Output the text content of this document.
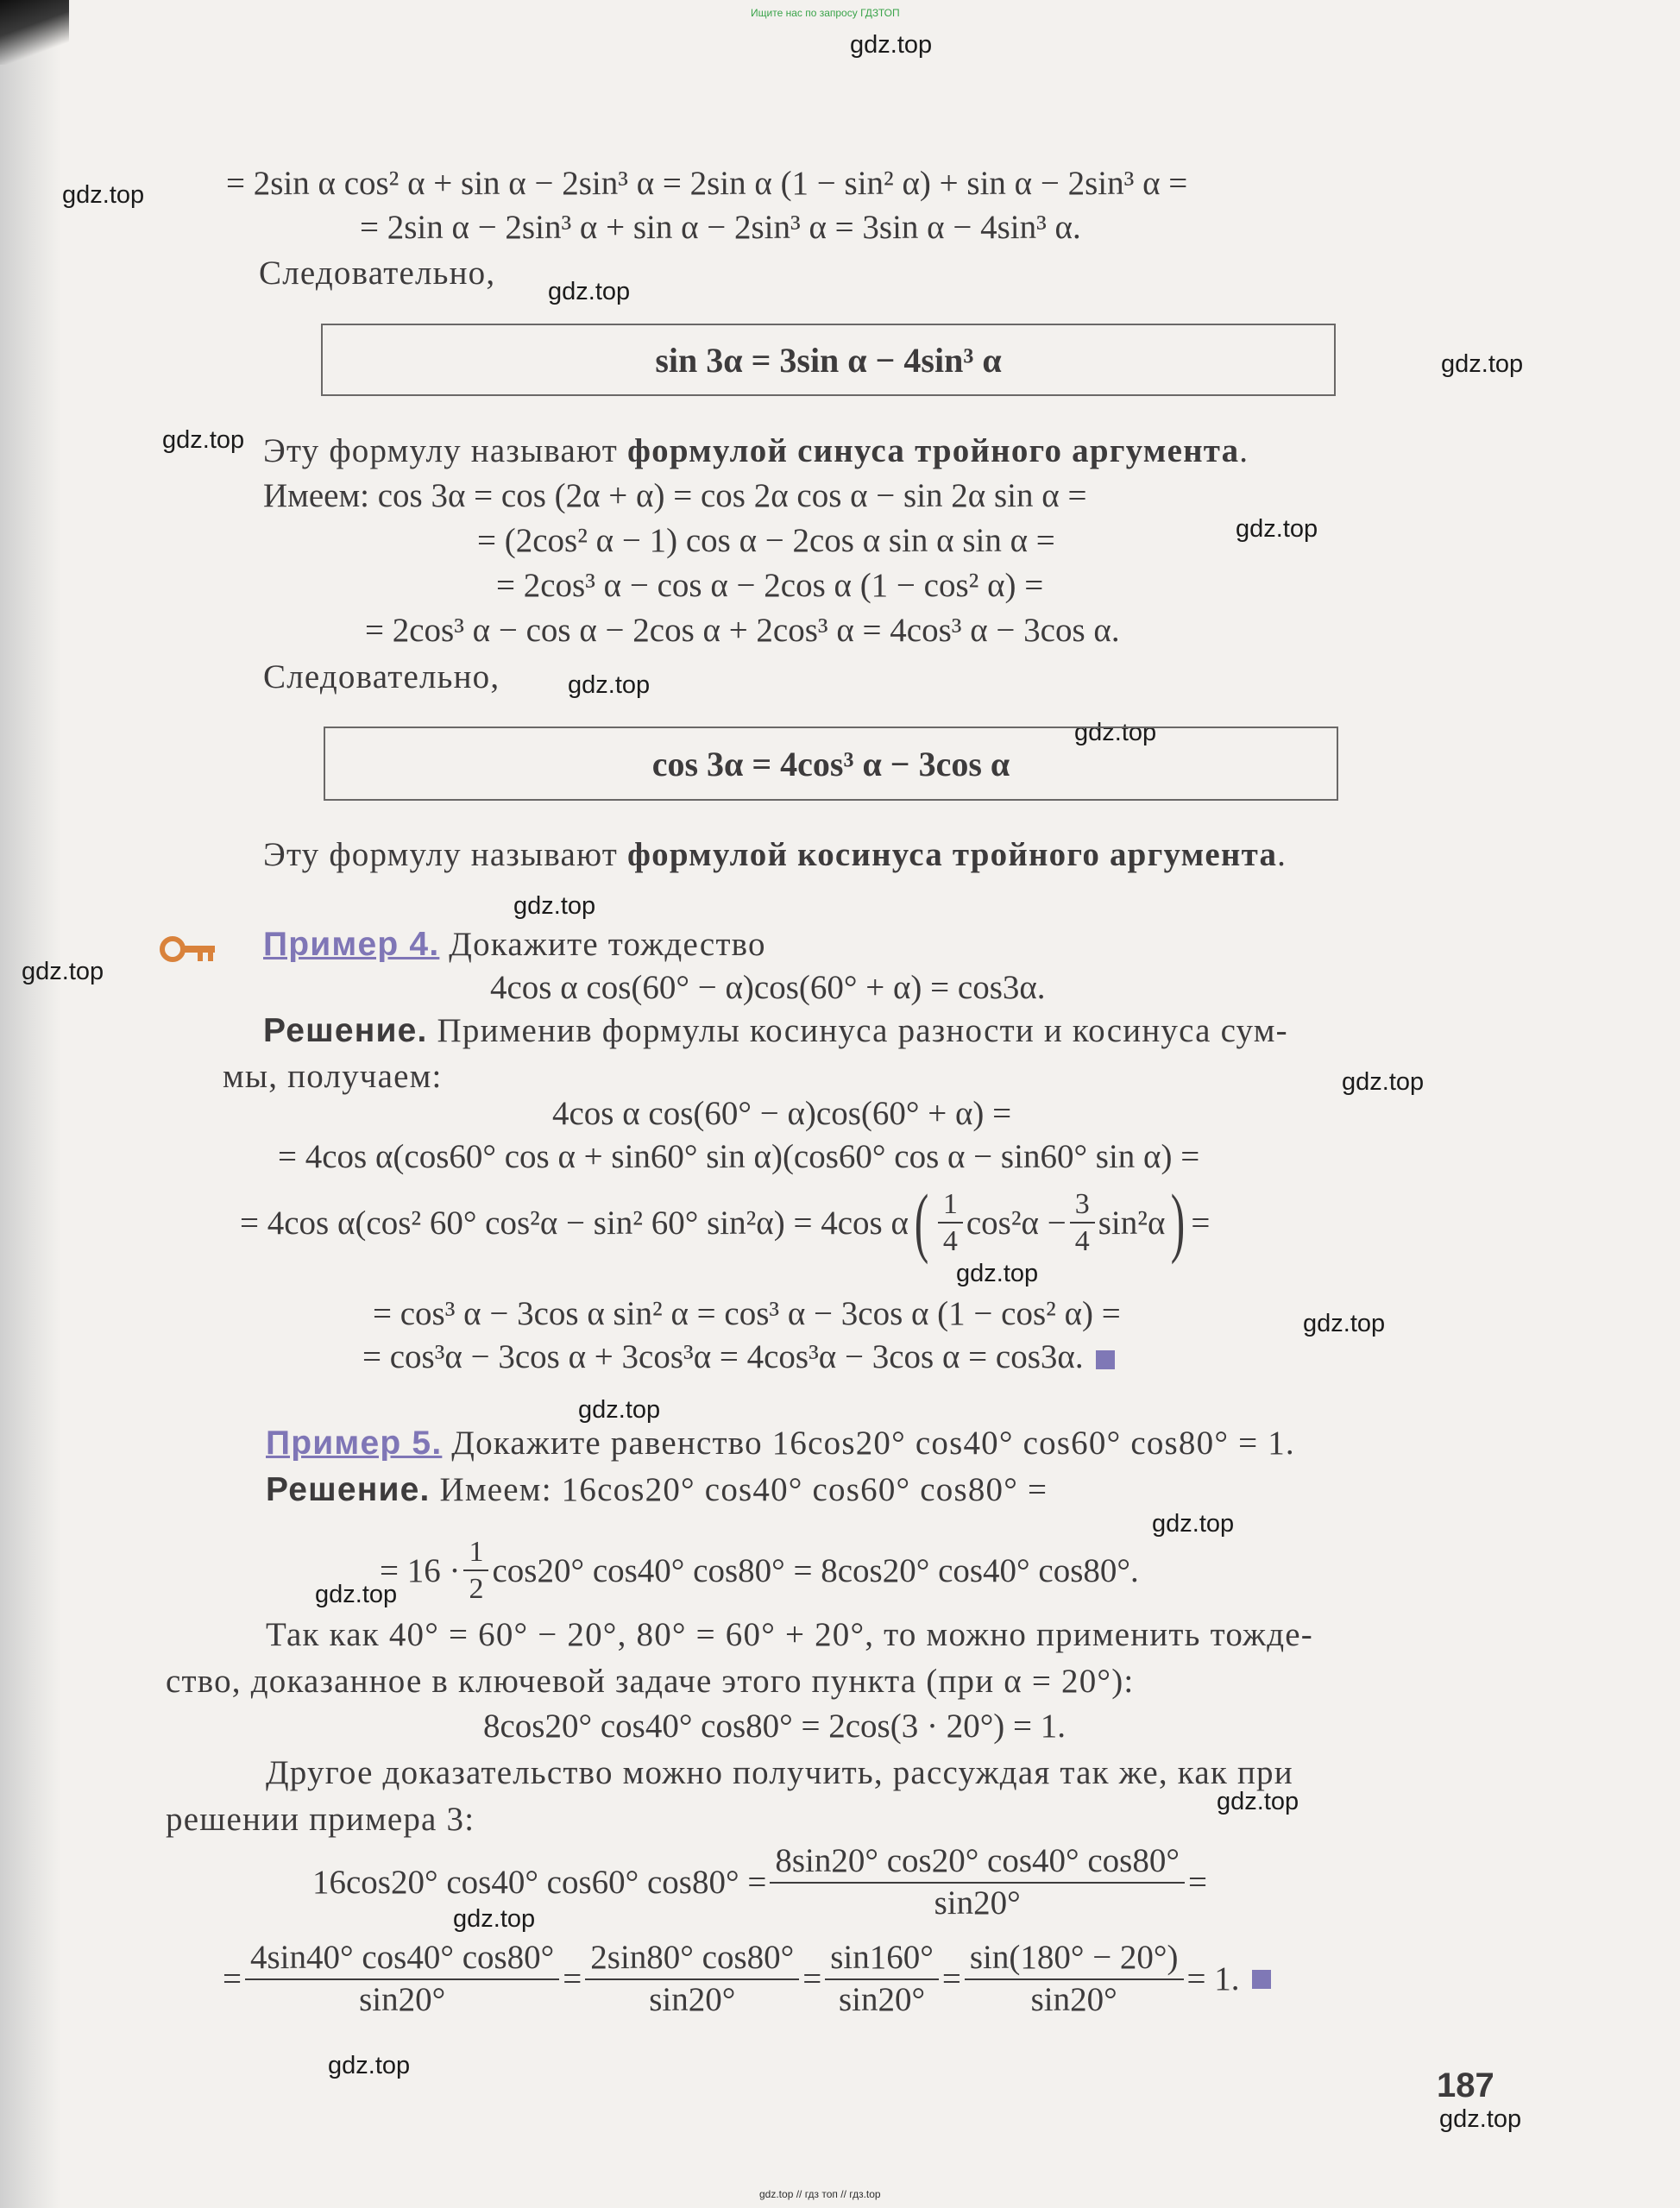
Ищите нас по запросу ГДЗТОП
gdz.top
gdz.top
gdz.top
gdz.top
gdz.top
gdz.top
gdz.top
gdz.top
gdz.top
gdz.top
gdz.top
gdz.top
gdz.top
gdz.top
gdz.top
gdz.top
gdz.top
gdz.top
gdz.top
gdz.top
= 2sin α cos² α + sin α − 2sin³ α = 2sin α (1 − sin² α) + sin α − 2sin³ α =
= 2sin α − 2sin³ α + sin α − 2sin³ α = 3sin α − 4sin³ α.
Следовательно,
sin 3α = 3sin α − 4sin³ α
Эту формулу называют формулой синуса тройного аргумента.
Имеем: cos 3α = cos (2α + α) = cos 2α cos α − sin 2α sin α =
= (2cos² α − 1) cos α − 2cos α sin α sin α =
= 2cos³ α − cos α − 2cos α (1 − cos² α) =
= 2cos³ α − cos α − 2cos α + 2cos³ α = 4cos³ α − 3cos α.
Следовательно,
cos 3α = 4cos³ α − 3cos α
Эту формулу называют формулой косинуса тройного аргумента.
Пример 4. Докажите тождество
4cos α cos(60° − α)cos(60° + α) = cos3α.
Решение. Применив формулы косинуса разности и косинуса сум-
мы, получаем:
4cos α cos(60° − α)cos(60° + α) =
= 4cos α(cos60° cos α + sin60° sin α)(cos60° cos α − sin60° sin α) =
= 4cos α(cos² 60° cos²α − sin² 60° sin²α) = 4cos α ( $\frac{1}{4} \cos^2\alpha - \frac{3}{4} \sin^2\alpha$ ) =
= cos³ α − 3cos α sin² α = cos³ α − 3cos α (1 − cos² α) =
= cos³α − 3cos α + 3cos³α = 4cos³α − 3cos α = cos3α.
Пример 5. Докажите равенство 16cos20° cos40° cos60° cos80° = 1.
Решение. Имеем: 16cos20° cos40° cos60° cos80° =
= $16 \cdot \frac{1}{2} \cos 20^\circ$ cos40° cos80° = 8cos20° cos40° cos80°.
Так как 40° = 60° − 20°, 80° = 60° + 20°, то можно применить тожде-
ство, доказанное в ключевой задаче этого пункта (при α = 20°):
8cos20° cos40° cos80° = 2cos(3 · 20°) = 1.
Другое доказательство можно получить, рассуждая так же, как при
решении примера 3:
16cos20° cos40° cos60° $\cos 80^\circ = \frac{8\sin 20^\circ \cos 20^\circ \cos 40^\circ \cos 80^\circ}{\sin 20^\circ}$ =
= $\frac{4\sin 40^\circ \cos 40^\circ \cos 80^\circ}{\sin 20^\circ} = \frac{2\sin 80^\circ \cos 80^\circ}{\sin 20^\circ} = \frac{\sin 160^\circ}{\sin 20^\circ} = \frac{\sin(180^\circ - 20^\circ)}{\sin 20^\circ} = 1$.
187
gdz.top // гдз топ // гдз.top
